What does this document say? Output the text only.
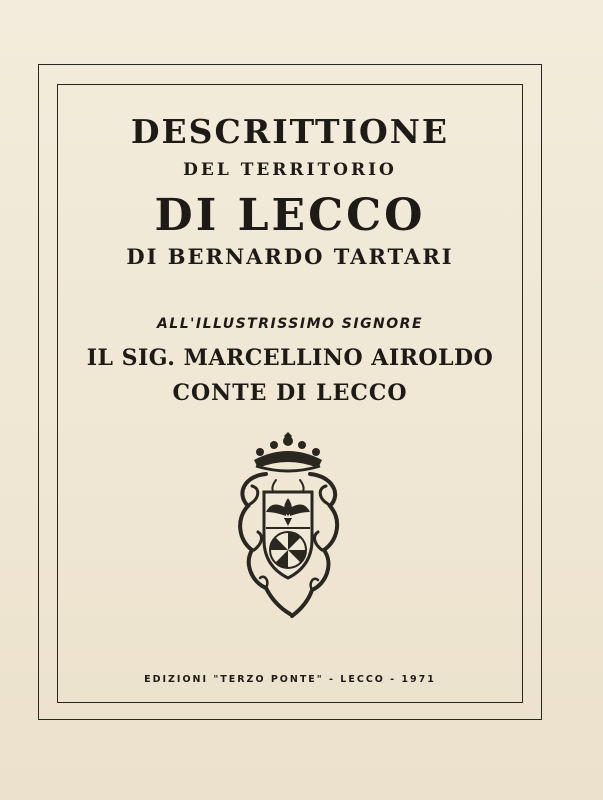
DESCRITTIONE

DEL TERRITORIO

DI LECCO

DI BERNARDO TARTARI

ALL'ILLUSTRISSIMO SIGNORE

IL SIG. MARCELLINO AIROLDO

CONTE DI LECCO

EDIZIONI "TERZO PONTE" - LECCO - 1971
